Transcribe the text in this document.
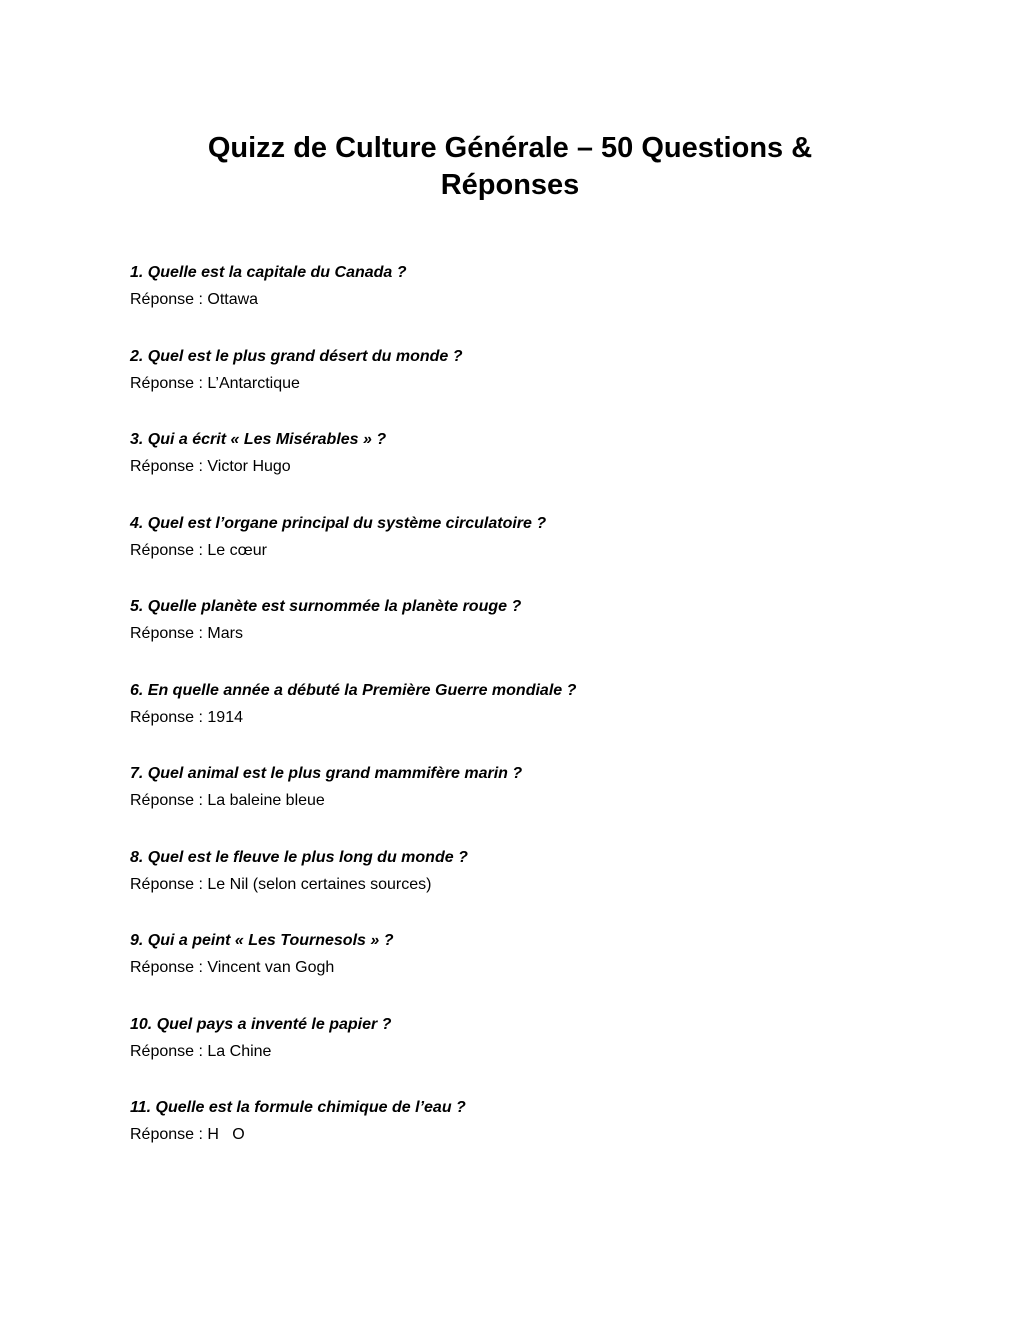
Quizz de Culture Générale – 50 Questions & Réponses
1. Quelle est la capitale du Canada ?
Réponse : Ottawa
2. Quel est le plus grand désert du monde ?
Réponse : L’Antarctique
3. Qui a écrit « Les Misérables » ?
Réponse : Victor Hugo
4. Quel est l’organe principal du système circulatoire ?
Réponse : Le cœur
5. Quelle planète est surnommée la planète rouge ?
Réponse : Mars
6. En quelle année a débuté la Première Guerre mondiale ?
Réponse : 1914
7. Quel animal est le plus grand mammifère marin ?
Réponse : La baleine bleue
8. Quel est le fleuve le plus long du monde ?
Réponse : Le Nil (selon certaines sources)
9. Qui a peint « Les Tournesols » ?
Réponse : Vincent van Gogh
10. Quel pays a inventé le papier ?
Réponse : La Chine
11. Quelle est la formule chimique de l’eau ?
Réponse : H   O
